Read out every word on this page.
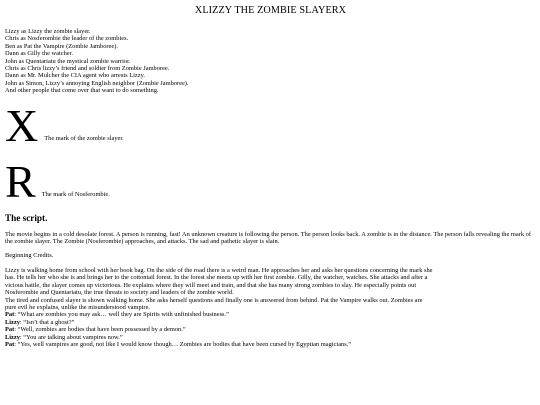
XLIZZY THE ZOMBIE SLAYERX
Lizzy as Lizzy the zombie slayer.
Chris as Nosferombie the leader of the zombies.
Ben as Pat the Vampire (Zombie Jamboree).
Dann as Gilly the watcher.
John as Quentariatu the mystical zombie warrior.
Chris as Chris lizzy’s friend and soldier from Zombie Jamboree.
Dann as Mr. Mulcher the CIA agent who arrests Lizzy.
John as Simon, Lizzy’s annoying English neighbor (Zombie Jamboree).
And other people that come over that want to do something.
X The mark of the zombie slayer.
R The mark of Nosferombie.
The script.
The movie begins in a cold desolate forest. A person is running, fast! An unknown creature is following the person. The person looks back. A zombie is in the distance. The person falls revealing the mark of the zombie slayer. The Zombie (Nosferombie) approaches, and attacks. The sad and pathetic slayer is slain.
Beginning Credits.
Lizzy is walking home from school with her book bag. On the side of the road there is a weird man. He approaches her and asks her questions concerning the mark she
has. He tells her who she is and brings her to the cottontail forest. In the forest she meets up with her first zombie. Gilly, the watcher, watches. She attacks and after a
vicious battle, the slayer comes up victorious. He explains where they will meet and train, and that she has many strong zombies to slay. He especially points out
Nosferombie and Quentariatu, the true threats to society and leaders of the zombie world.
The tired and confused slayer is shown walking home. She asks herself questions and finally one is answered from behind. Pat the Vampire walks out. Zombies are
pure evil he explains, unlike the misunderstood vampire.
Pat: “What are zombies you may ask… well they are Spirits with unfinished business.”
Lizzy: “Isn’t that a ghost?”
Pat: “Well, zombies are bodies that have been possessed by a demon.”
Lizzy: “You are talking about vampires now.”
Pat: “Yes, well vampires are good, not like I would know though… Zombies are bodies that have been cursed by Egyptian magicians.”
